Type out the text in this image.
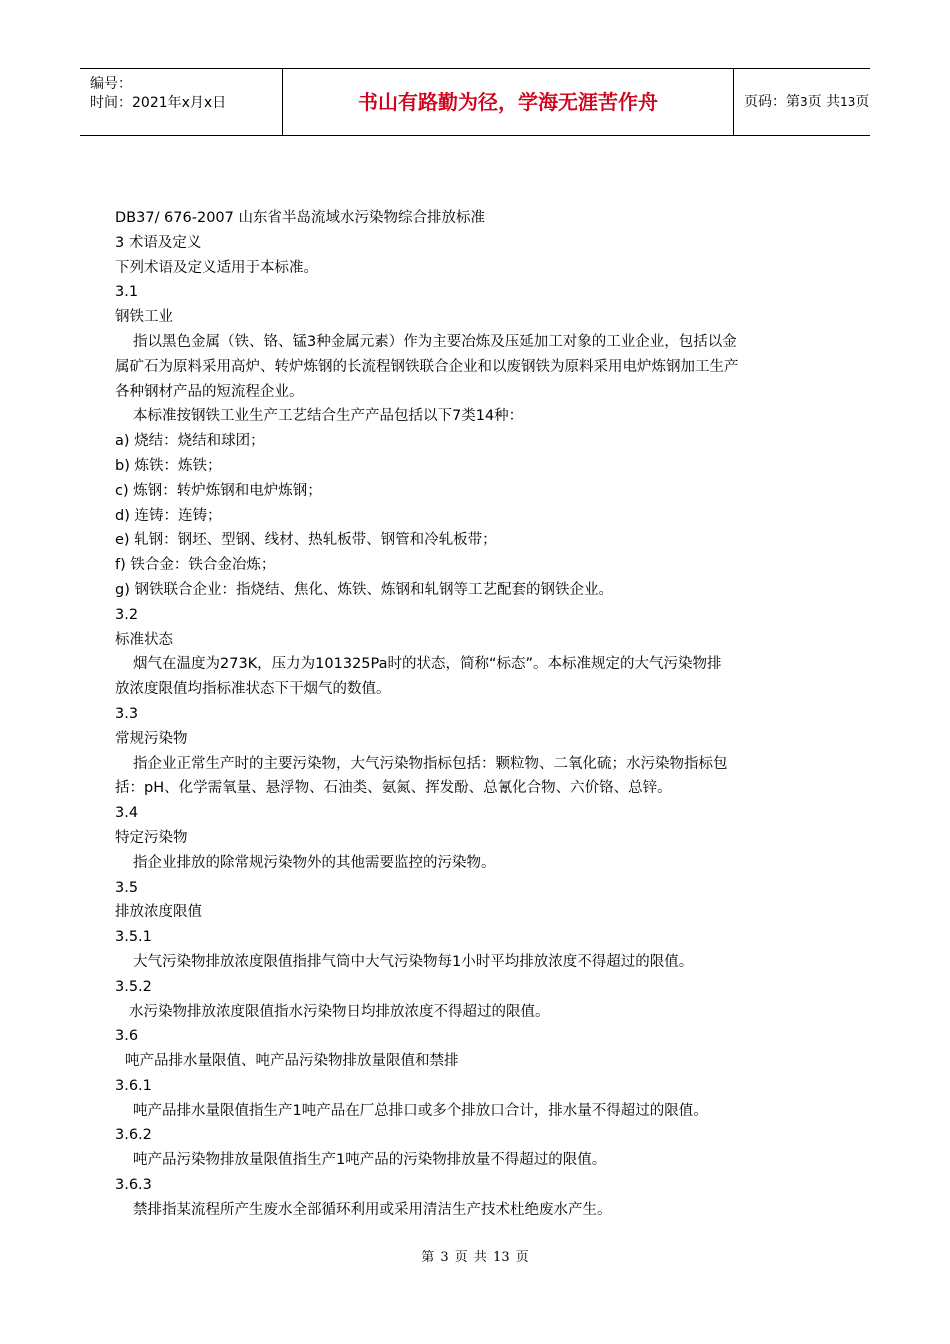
编号：
时间：2021年x月x日	书山有路勤为径，学海无涯苦作舟	页码：第3页 共13页
DB37/ 676-2007 山东省半岛流域水污染物综合排放标准
3 术语及定义
下列术语及定义适用于本标准。
3.1
钢铁工业
指以黑色金属（铁、铬、锰3种金属元素）作为主要冶炼及压延加工对象的工业企业，包括以金
属矿石为原料采用高炉、转炉炼钢的长流程钢铁联合企业和以废钢铁为原料采用电炉炼钢加工生产
各种钢材产品的短流程企业。
本标准按钢铁工业生产工艺结合生产产品包括以下7类14种：
a) 烧结：烧结和球团；
b) 炼铁：炼铁；
c) 炼钢：转炉炼钢和电炉炼钢；
d) 连铸：连铸；
e) 轧钢：钢坯、型钢、线材、热轧板带、钢管和冷轧板带；
f) 铁合金：铁合金冶炼；
g) 钢铁联合企业：指烧结、焦化、炼铁、炼钢和轧钢等工艺配套的钢铁企业。
3.2
标准状态
烟气在温度为273K，压力为101325Pa时的状态，简称“标态”。本标准规定的大气污染物排
放浓度限值均指标准状态下干烟气的数值。
3.3
常规污染物
指企业正常生产时的主要污染物，大气污染物指标包括：颗粒物、二氧化硫；水污染物指标包
括：pH、化学需氧量、悬浮物、石油类、氨氮、挥发酚、总氰化合物、六价铬、总锌。
3.4
特定污染物
指企业排放的除常规污染物外的其他需要监控的污染物。
3.5
排放浓度限值
3.5.1
大气污染物排放浓度限值指排气筒中大气污染物每1小时平均排放浓度不得超过的限值。
3.5.2
水污染物排放浓度限值指水污染物日均排放浓度不得超过的限值。
3.6
吨产品排水量限值、吨产品污染物排放量限值和禁排
3.6.1
吨产品排水量限值指生产1吨产品在厂总排口或多个排放口合计，排水量不得超过的限值。
3.6.2
吨产品污染物排放量限值指生产1吨产品的污染物排放量不得超过的限值。
3.6.3
禁排指某流程所产生废水全部循环利用或采用清洁生产技术杜绝废水产生。
第 3 页 共 13 页
